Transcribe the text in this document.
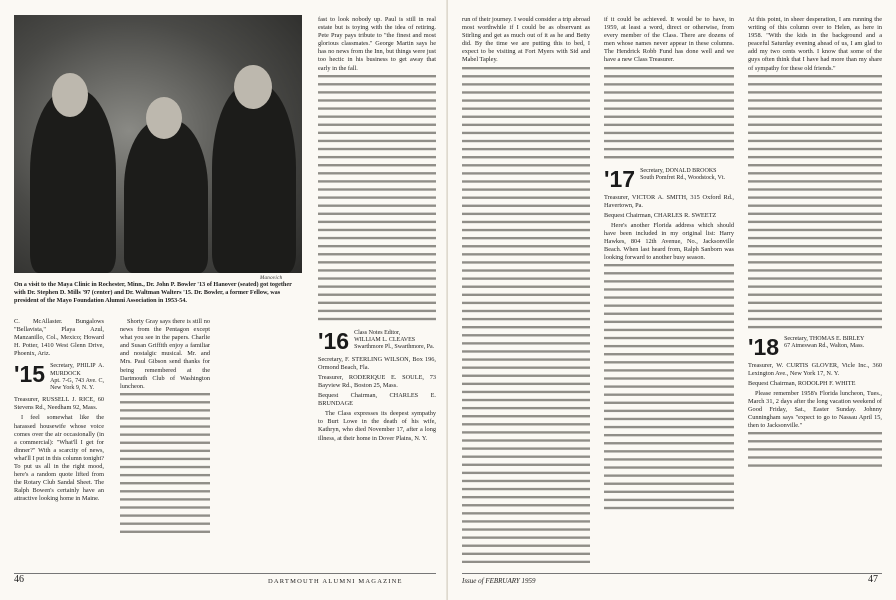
Manovich
On a visit to the Maya Clinic in Rochester, Minn., Dr. John P. Bowler '13 of Hanover (seated) got together with Dr. Stephen D. Mills '97 (center) and Dr. Waltman Walters '15. Dr. Bowler, a former Fellow, was president of the Mayo Foundation Alumni Association in 1953-54.

C. McAllaster. Bungalows "Bellavista," Playa Azul, Manzanillo, Col., Mexico; Howard H. Potter, 1410 West Glenn Drive, Phoenix, Ariz.

'15 Secretary, PHILIP A. MURDOCK
Apt. 7-G, 743 Ave. C, New York 9, N. Y.

Treasurer, RUSSELL J. RICE, 60 Stevens Rd., Needham 92, Mass.

I feel somewhat like the harassed housewife whose voice comes over the air occasionally (in a commercial): "What'll I get for dinner?" With a scarcity of news, what'll I put in this column tonight? To put us all in the right mood, here's a random quote lifted from the Rotary Club Sandal Sheet. The Ralph Bowen's certainly have an attractive looking home in Maine.

Shorty Gray says there is still no news from the Pentagon except what you see in the papers. Charlie and Susan Griffith enjoy a familiar and nostalgic musical. Mr. and Mrs. Paul Gibson send thanks for being remembered at the Dartmouth Club of Washington luncheon.

fast to look nobody up. Paul is still in real estate but is toying with the idea of retiring. Pete Pray pays tribute to "the finest and most glorious classmates." George Martin says he has no news from the Inn, but things were just too hectic in his business to get away that early in the fall.

'16 Class Notes Editor,
WILLIAM L. CLEAVES
Swarthmore Pl., Swarthmore, Pa.

Secretary, F. STERLING WILSON, Box 196, Ormond Beach, Fla.

Treasurer, RODERIQUE E. SOULE, 73 Bayview Rd., Boston 25, Mass.

Bequest Chairman, CHARLES E. BRUNDAGE

The Class expresses its deepest sympathy to Burt Lowe in the death of his wife, Kathryn, who died November 17, after a long illness, at their home in Dover Plains, N. Y.

46	DARTMOUTH ALUMNI MAGAZINE

run of their journey. I would consider a trip abroad most worthwhile if I could be as observant as Stirling and get as much out of it as he and Betty did. By the time we are putting this to bed, I expect to be visiting at Fort Myers with Sid and Mabel Tapley.

if it could be achieved. It would be to have, in 1959, at least a word, direct or otherwise, from every member of the Class. There are dozens of men whose names never appear in these columns. The Hendrick Robb Fund has done well and we have a new Class Treasurer.

'17 Secretary, DONALD BROOKS
South Pomfret Rd., Woodstock, Vt.

Treasurer, VICTOR A. SMITH, 315 Oxford Rd., Havertown, Pa.

Bequest Chairman, CHARLES R. SWEETZ

Here's another Florida address which should have been included in my original list: Harry Hawkes, 804 12th Avenue, No., Jacksonville Beach. When last heard from, Ralph Sanborn was looking forward to another busy season.

At this point, in sheer desperation, I am running the writing of this column over to Helen, as here in 1958. "With the kids in the background and a peaceful Saturday evening ahead of us, I am glad to add my two cents worth. I know that some of the guys often think that I have had more than my share of sympathy for these old friends."

'18 Secretary, THOMAS E. BIRLEY
67 Atmeswan Rd., Walton, Mass.

Treasurer, W. CURTIS GLOVER, Vicle Inc., 360 Lexington Ave., New York 17, N. Y.

Bequest Chairman, RODOLPH F. WHITE

Please remember 1958's Florida luncheon, Tues., March 31, 2 days after the long vacation weekend of Good Friday, Sat., Easter Sunday. Johnny Cunningham says "expect to go to Nassau April 15, then to Jacksonville."

Issue of FEBRUARY 1959	47
